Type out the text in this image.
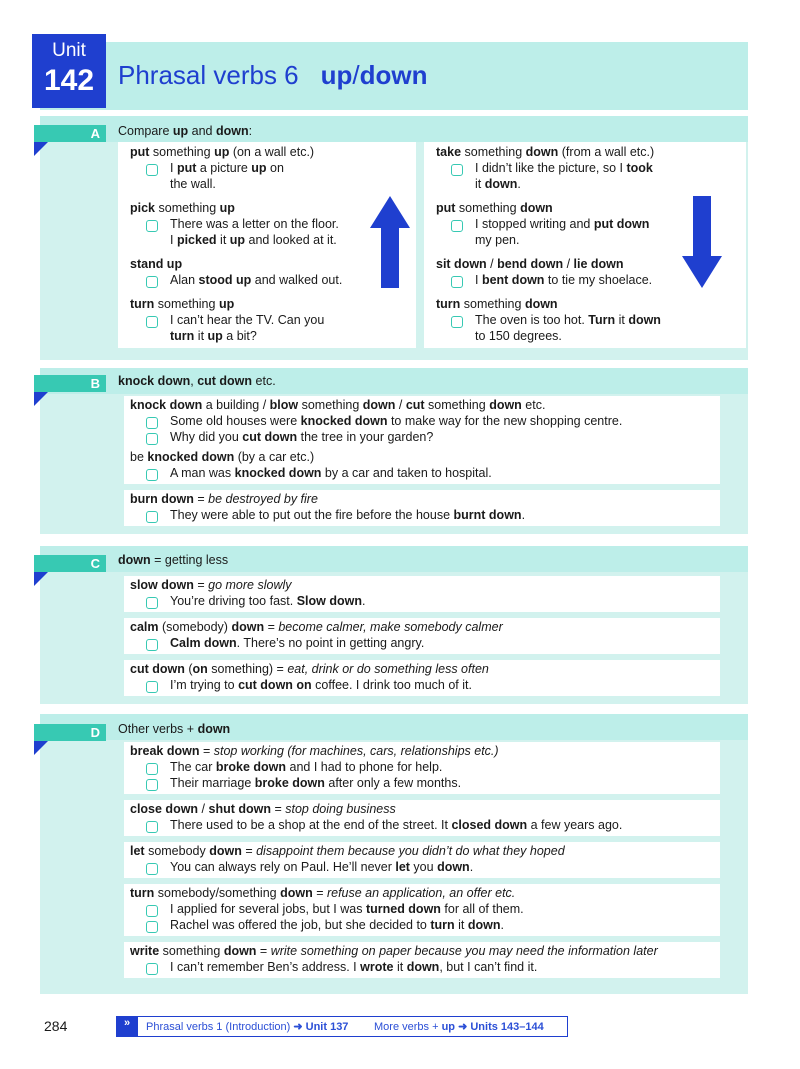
Unit
142 Phrasal verbs 6 up/down
A	Compare up and down:
put something up (on a wall etc.)
I put a picture up on
the wall.
pick something up
There was a letter on the floor.
I picked it up and looked at it.
stand up
Alan stood up and walked out.
turn something up
I can’t hear the TV. Can you
turn it up a bit?
take something down (from a wall etc.)
I didn’t like the picture, so I took
it down.
put something down
I stopped writing and put down
my pen.
sit down / bend down / lie down
I bent down to tie my shoelace.
turn something down
The oven is too hot. Turn it down
to 150 degrees.
B	knock down, cut down etc.
knock down a building / blow something down / cut something down etc.
Some old houses were knocked down to make way for the new shopping centre.
Why did you cut down the tree in your garden?
be knocked down (by a car etc.)
A man was knocked down by a car and taken to hospital.
burn down = be destroyed by fire
They were able to put out the fire before the house burnt down.
C	down = getting less
slow down = go more slowly
You’re driving too fast. Slow down.
calm (somebody) down = become calmer, make somebody calmer
Calm down. There’s no point in getting angry.
cut down (on something) = eat, drink or do something less often
I’m trying to cut down on coffee. I drink too much of it.
D	Other verbs + down
break down = stop working (for machines, cars, relationships etc.)
The car broke down and I had to phone for help.
Their marriage broke down after only a few months.
close down / shut down = stop doing business
There used to be a shop at the end of the street. It closed down a few years ago.
let somebody down = disappoint them because you didn’t do what they hoped
You can always rely on Paul. He’ll never let you down.
turn somebody/something down = refuse an application, an offer etc.
I applied for several jobs, but I was turned down for all of them.
Rachel was offered the job, but she decided to turn it down.
write something down = write something on paper because you may need the information later
I can’t remember Ben’s address. I wrote it down, but I can’t find it.
284	»	Phrasal verbs 1 (Introduction) ➜ Unit 137 More verbs + up ➜ Units 143–144
